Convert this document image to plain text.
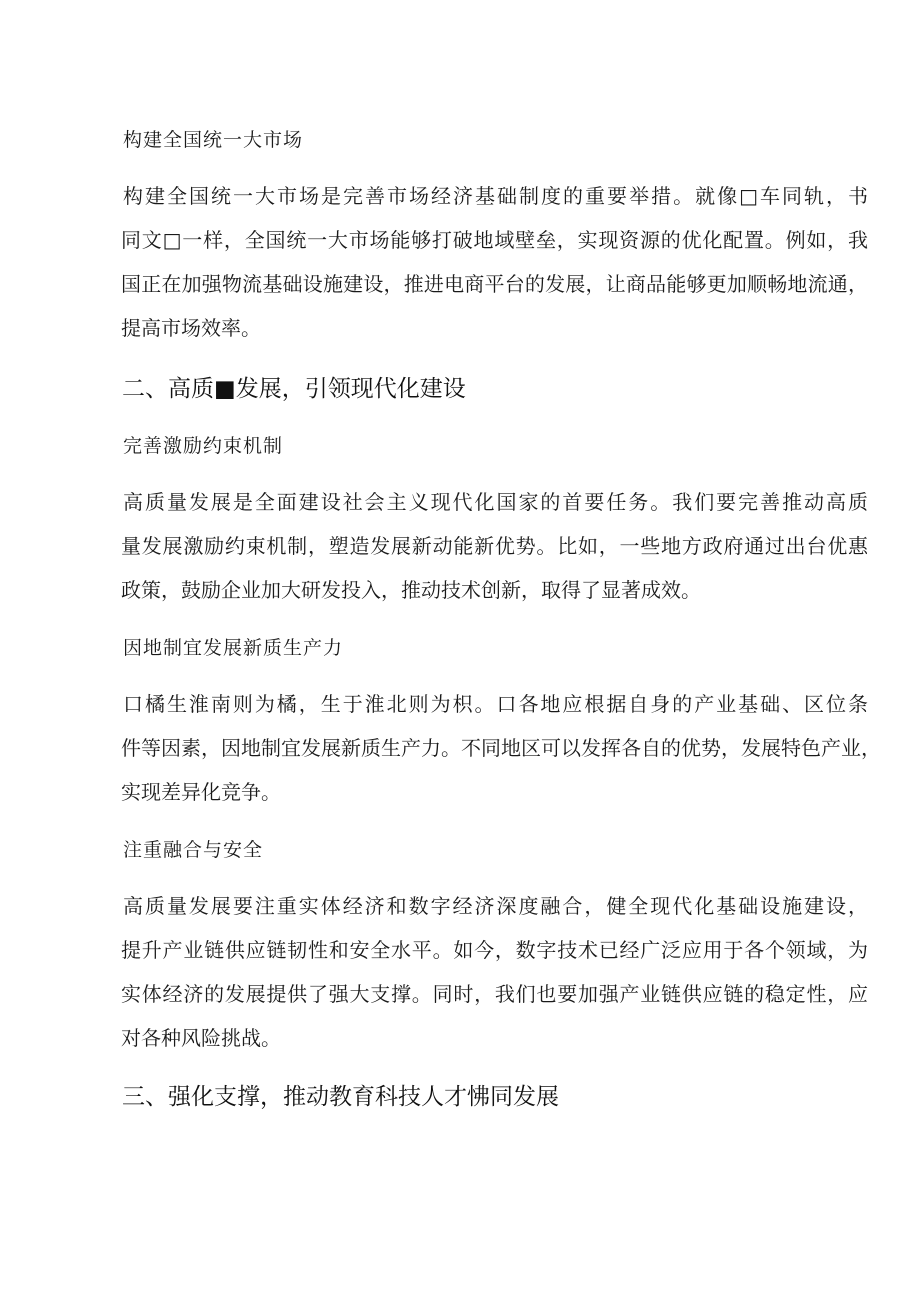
构建全国统一大市场
构建全国统一大市场是完善市场经济基础制度的重要举措。就像□车同轨，书
同文□一样，全国统一大市场能够打破地域壁垒，实现资源的优化配置。例如，我
国正在加强物流基础设施建设，推进电商平台的发展，让商品能够更加顺畅地流通，
提高市场效率。
二、高质■发展，引领现代化建设
完善激励约束机制
高质量发展是全面建设社会主义现代化国家的首要任务。我们要完善推动高质
量发展激励约束机制，塑造发展新动能新优势。比如，一些地方政府通过出台优惠
政策，鼓励企业加大研发投入，推动技术创新，取得了显著成效。
因地制宜发展新质生产力
口橘生淮南则为橘，生于淮北则为枳。口各地应根据自身的产业基础、区位条
件等因素，因地制宜发展新质生产力。不同地区可以发挥各自的优势，发展特色产业，
实现差异化竞争。
注重融合与安全
高质量发展要注重实体经济和数字经济深度融合，健全现代化基础设施建设，
提升产业链供应链韧性和安全水平。如今，数字技术已经广泛应用于各个领域，为
实体经济的发展提供了强大支撑。同时，我们也要加强产业链供应链的稳定性，应
对各种风险挑战。
三、强化支撑，推动教育科技人才怫同发展
